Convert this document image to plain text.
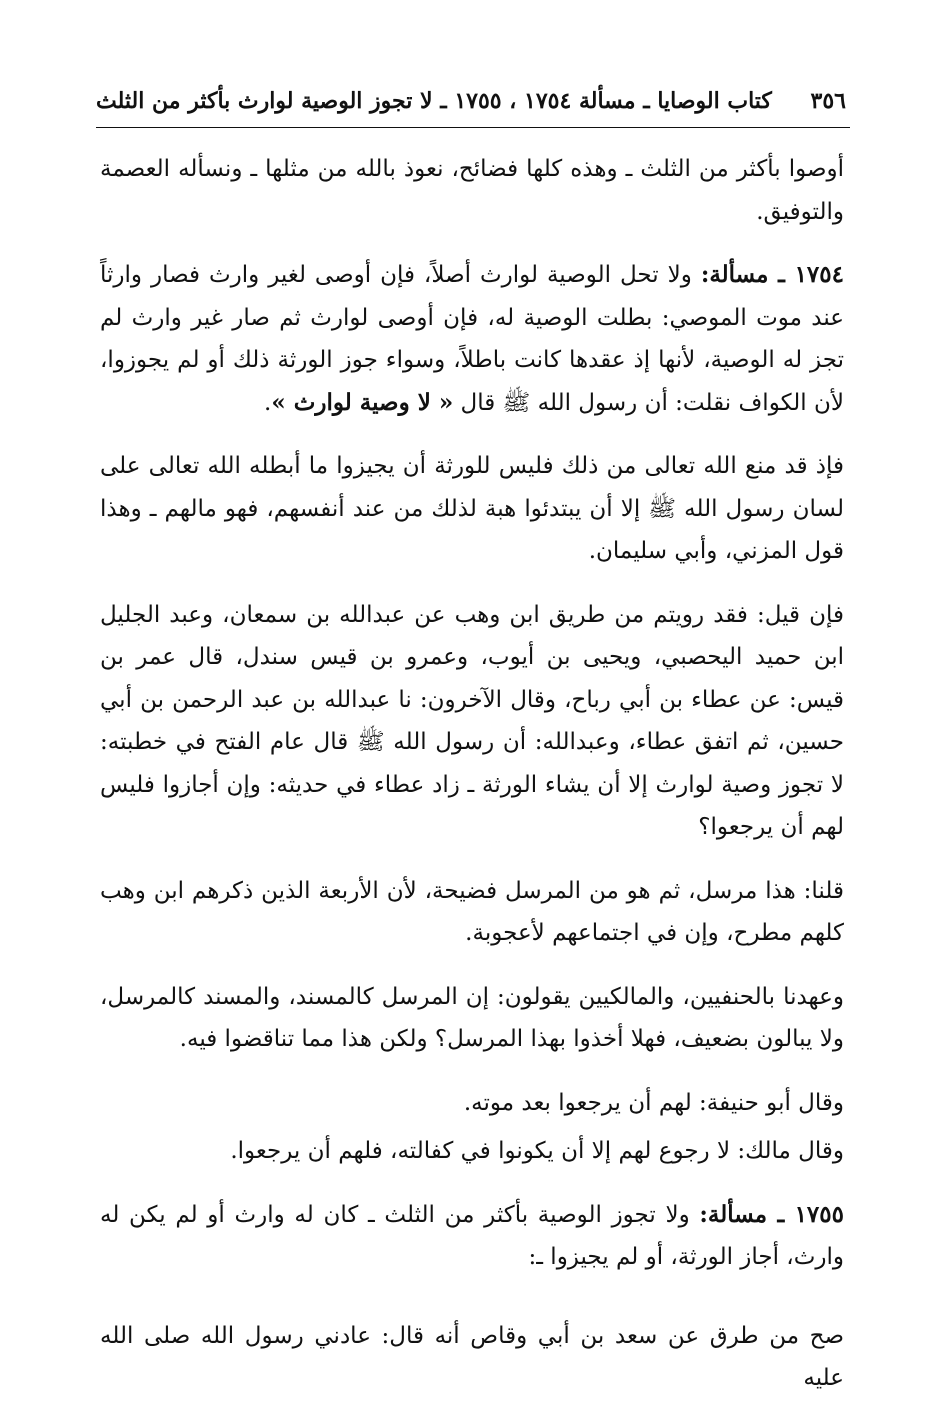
٣٥٦
كتاب الوصايا ـ مسألة ١٧٥٤ ، ١٧٥٥ ـ لا تجوز الوصية لوارث بأكثر من الثلث

أوصوا بأكثر من الثلث ـ وهذه كلها فضائح، نعوذ بالله من مثلها ـ ونسأله العصمة والتوفيق.

١٧٥٤ ـ مسألة: ولا تحل الوصية لوارث أصلاً، فإن أوصى لغير وارث فصار وارثاً عند موت الموصي: بطلت الوصية له، فإن أوصى لوارث ثم صار غير وارث لم تجز له الوصية، لأنها إذ عقدها كانت باطلاً، وسواء جوز الورثة ذلك أو لم يجوزوا، لأن الكواف نقلت: أن رسول الله ﷺ قال « لا وصية لوارث ».

فإذ قد منع الله تعالى من ذلك فليس للورثة أن يجيزوا ما أبطله الله تعالى على لسان رسول الله ﷺ إلا أن يبتدئوا هبة لذلك من عند أنفسهم، فهو مالهم ـ وهذا قول المزني، وأبي سليمان.

فإن قيل: فقد رويتم من طريق ابن وهب عن عبدالله بن سمعان، وعبد الجليل ابن حميد اليحصبي، ويحيى بن أيوب، وعمرو بن قيس سندل، قال عمر بن قيس: عن عطاء بن أبي رباح، وقال الآخرون: نا عبدالله بن عبد الرحمن بن أبي حسين، ثم اتفق عطاء، وعبدالله: أن رسول الله ﷺ قال عام الفتح في خطبته: لا تجوز وصية لوارث إلا أن يشاء الورثة ـ زاد عطاء في حديثه: وإن أجازوا فليس لهم أن يرجعوا؟

قلنا: هذا مرسل، ثم هو من المرسل فضيحة، لأن الأربعة الذين ذكرهم ابن وهب كلهم مطرح، وإن في اجتماعهم لأعجوبة.

وعهدنا بالحنفيين، والمالكيين يقولون: إن المرسل كالمسند، والمسند كالمرسل، ولا يبالون بضعيف، فهلا أخذوا بهذا المرسل؟ ولكن هذا مما تناقضوا فيه.

وقال أبو حنيفة: لهم أن يرجعوا بعد موته.

وقال مالك: لا رجوع لهم إلا أن يكونوا في كفالته، فلهم أن يرجعوا.

١٧٥٥ ـ مسألة: ولا تجوز الوصية بأكثر من الثلث ـ كان له وارث أو لم يكن له وارث، أجاز الورثة، أو لم يجيزوا ـ:

صح من طرق عن سعد بن أبي وقاص أنه قال: عادني رسول الله صلى الله عليه
